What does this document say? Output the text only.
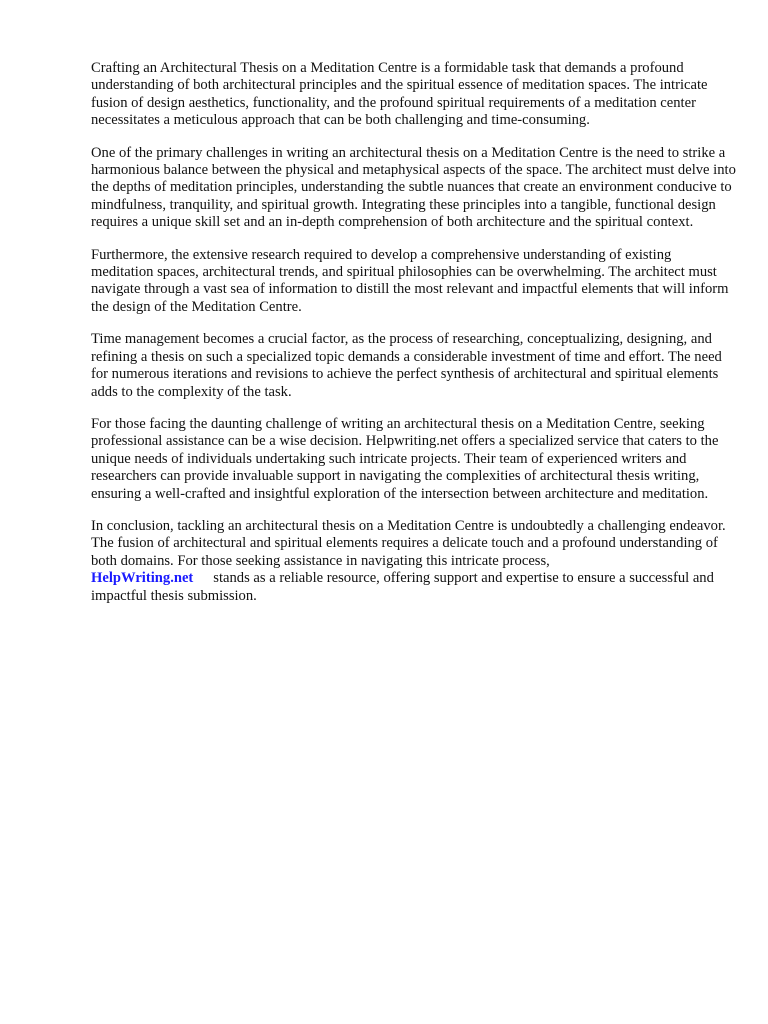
Crafting an Architectural Thesis on a Meditation Centre is a formidable task that demands a profound understanding of both architectural principles and the spiritual essence of meditation spaces. The intricate fusion of design aesthetics, functionality, and the profound spiritual requirements of a meditation center necessitates a meticulous approach that can be both challenging and time-consuming.

One of the primary challenges in writing an architectural thesis on a Meditation Centre is the need to strike a harmonious balance between the physical and metaphysical aspects of the space. The architect must delve into the depths of meditation principles, understanding the subtle nuances that create an environment conducive to mindfulness, tranquility, and spiritual growth. Integrating these principles into a tangible, functional design requires a unique skill set and an in-depth comprehension of both architecture and the spiritual context.

Furthermore, the extensive research required to develop a comprehensive understanding of existing meditation spaces, architectural trends, and spiritual philosophies can be overwhelming. The architect must navigate through a vast sea of information to distill the most relevant and impactful elements that will inform the design of the Meditation Centre.

Time management becomes a crucial factor, as the process of researching, conceptualizing, designing, and refining a thesis on such a specialized topic demands a considerable investment of time and effort. The need for numerous iterations and revisions to achieve the perfect synthesis of architectural and spiritual elements adds to the complexity of the task.

For those facing the daunting challenge of writing an architectural thesis on a Meditation Centre, seeking professional assistance can be a wise decision. Helpwriting.net offers a specialized service that caters to the unique needs of individuals undertaking such intricate projects. Their team of experienced writers and researchers can provide invaluable support in navigating the complexities of architectural thesis writing, ensuring a well-crafted and insightful exploration of the intersection between architecture and meditation.

In conclusion, tackling an architectural thesis on a Meditation Centre is undoubtedly a challenging endeavor. The fusion of architectural and spiritual elements requires a delicate touch and a profound understanding of both domains. For those seeking assistance in navigating this intricate process,
HelpWriting.net stands as a reliable resource, offering support and expertise to ensure a successful and impactful thesis submission.
